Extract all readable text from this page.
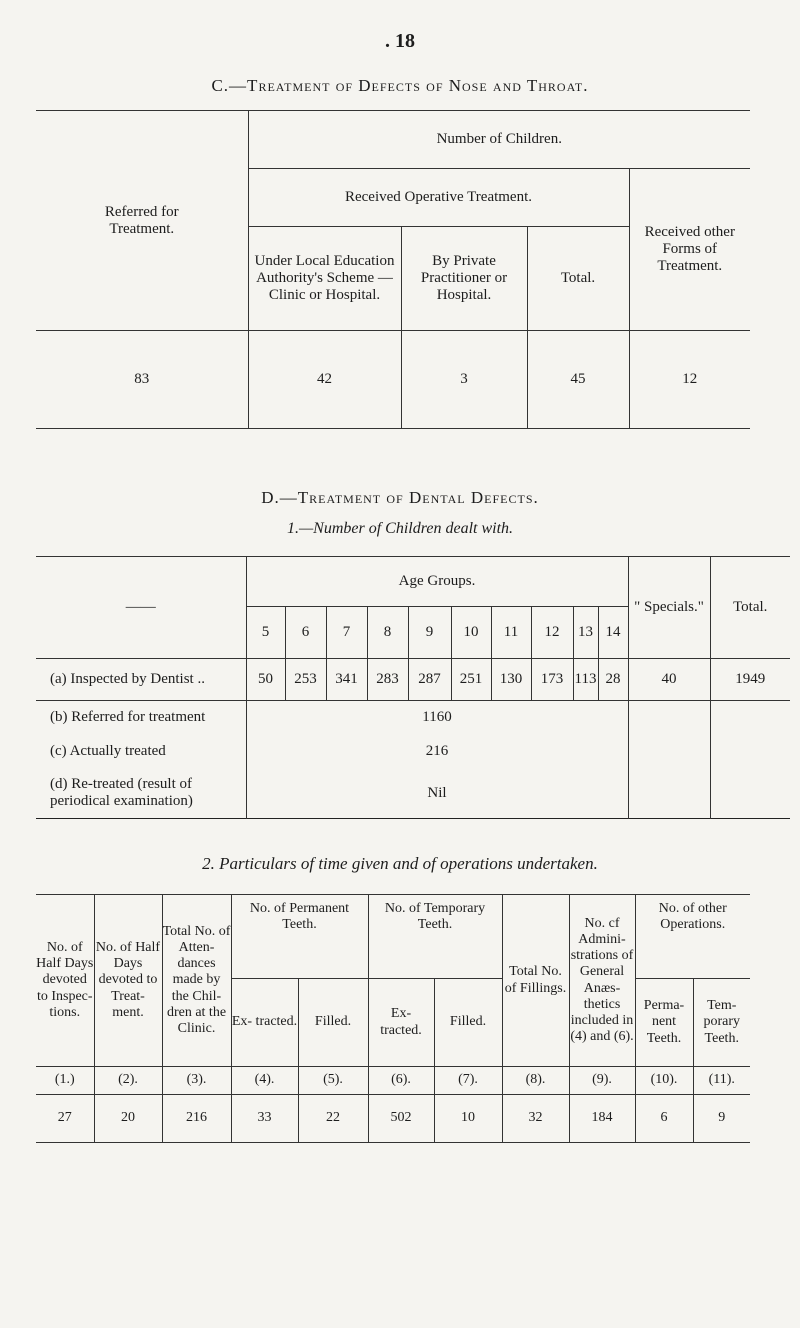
. 18
C.—Treatment of Defects of Nose and Throat.
Referred for Treatment.	Number of Children.			
	Received Operative Treatment.			Received other Forms of Treatment.
	Under Local Education Authority's Scheme —Clinic or Hospital.	By Private Practitioner or Hospital.	Total.	
83	42	3	45	12
D.—Treatment of Dental Defects.
1.—Number of Children dealt with.
——	Age Groups.										" Specials."	Total.
	5	6	7	8	9	10	11	12	13	14		
(a) Inspected by Dentist ..	50	253	341	283	287	251	130	173	113	28	40	1949
(b) Referred for treatment	1160											
(c) Actually treated	216											
(d) Re-treated (result of periodical examination)	Nil											
2. Particulars of time given and of operations undertaken.
No. of Half Days devoted to Inspec- tions.	No. of Half Days devoted to Treat- ment.	Total No. of Atten- dances made by the Chil- dren at the Clinic.	No. of Permanent Teeth.		No. of Temporary Teeth.		Total No. of Fillings.	No. cf Admini- strations of General Anæs- thetics included in (4) and (6).	No. of other Operations.	
			Ex- tracted.	Filled.	Ex- tracted.	Filled.			Perma- nent Teeth.	Tem- porary Teeth.
(1.)	(2).	(3).	(4).	(5).	(6).	(7).	(8).	(9).	(10).	(11).
27	20	216	33	22	502	10	32	184	6	9
